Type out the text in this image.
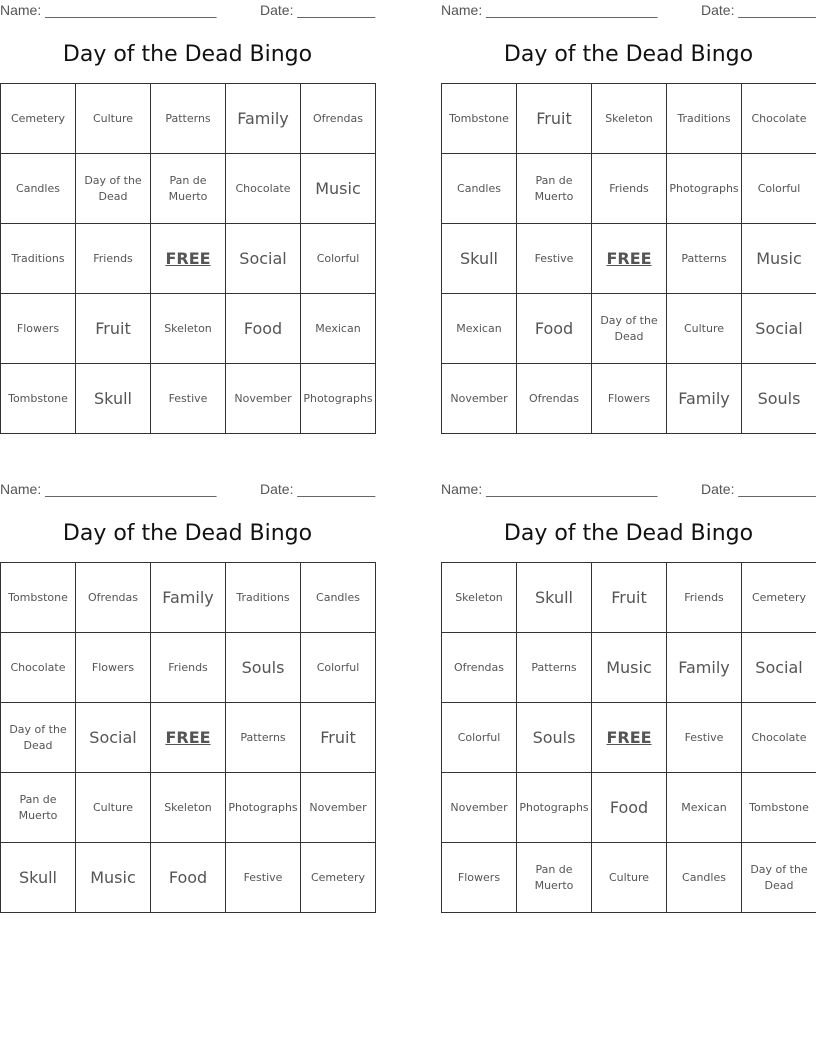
Name: ______________________	Date: __________
Day of the Dead Bingo
Cemetery	Culture	Patterns	Family	Ofrendas
Candles	Day of the Dead	Pan de Muerto	Chocolate	Music
Traditions	Friends	FREE	Social	Colorful
Flowers	Fruit	Skeleton	Food	Mexican
Tombstone	Skull	Festive	November	Photographs
Name: ______________________	Date: __________
Day of the Dead Bingo
Tombstone	Fruit	Skeleton	Traditions	Chocolate
Candles	Pan de Muerto	Friends	Photographs	Colorful
Skull	Festive	FREE	Patterns	Music
Mexican	Food	Day of the Dead	Culture	Social
November	Ofrendas	Flowers	Family	Souls
Name: ______________________	Date: __________
Day of the Dead Bingo
Tombstone	Ofrendas	Family	Traditions	Candles
Chocolate	Flowers	Friends	Souls	Colorful
Day of the Dead	Social	FREE	Patterns	Fruit
Pan de Muerto	Culture	Skeleton	Photographs	November
Skull	Music	Food	Festive	Cemetery
Name: ______________________	Date: __________
Day of the Dead Bingo
Skeleton	Skull	Fruit	Friends	Cemetery
Ofrendas	Patterns	Music	Family	Social
Colorful	Souls	FREE	Festive	Chocolate
November	Photographs	Food	Mexican	Tombstone
Flowers	Pan de Muerto	Culture	Candles	Day of the Dead
